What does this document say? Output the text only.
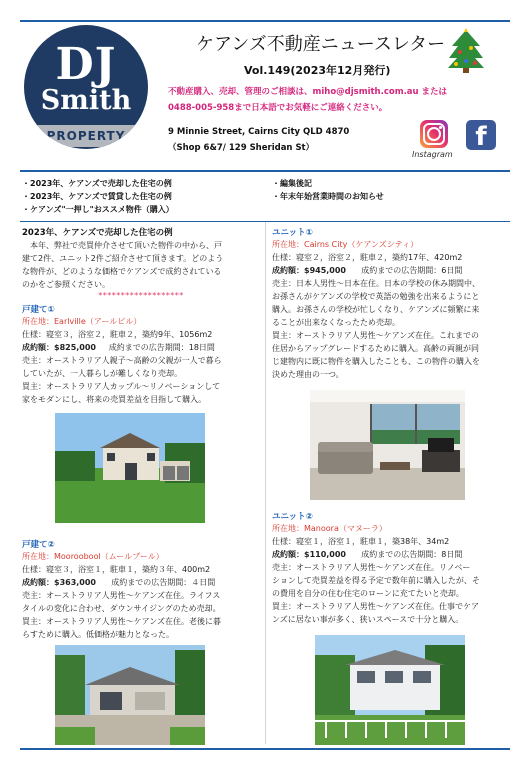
DJ
Smith
PROPERTY
ケアンズ不動産ニュースレター
Vol.149(2023年12月発行)
不動産購入、売却、管理のご相談は、miho@djsmith.com.au または
0488-005-958まで日本語でお気軽にご連絡ください。
9 Minnie Street, Cairns City QLD 4870
（Shop 6&7/ 129 Sheridan St）
Instagram
f
・2023年、ケアンズで売却した住宅の例
・2023年、ケアンズで賃貸した住宅の例
・ケアンズ"一押し"おススメ物件（購入）
・編集後記
・年末年始営業時間のお知らせ
2023年、ケアンズで売却した住宅の例
　本年、弊社で売買仲介させて頂いた物件の中から、戸
建て2件、ユニット2件ご紹介させて頂きます。どのよう
な物件が、どのような価格でケアンズで成約されている
のかをご参照ください。
*******************
戸建て①
所在地：Earlville（アールビル）
仕様：寝室３，浴室２，駐車２，築約9年、1056m2
成約額：$825,000 成約までの広告期間：18日間
売主：オーストラリア人親子～高齢の父親が一人で暮ら
していたが、一人暮らしが難しくなり売却。
買主：オーストラリア人カップル～リノベーションして
家をモダンにし、将来の売買差益を目指して購入。
戸建て②
所在地：Mooroobool（ムールブール）
仕様：寝室３，浴室１，駐車１，築約３年、400m2
成約額：$363,000 成約までの広告期間：４日間
売主：オーストラリア人男性～ケアンズ在住。ライフス
タイルの変化に合わせ、ダウンサイジングのため売却。
買主：オーストラリア人男性～ケアンズ在住。老後に暮
らすために購入。低価格が魅力となった。
ユニット①
所在地：Cairns City（ケアンズシティ）
仕様：寝室２，浴室２，駐車２，築約17年、420m2
成約額：$945,000 成約までの広告期間：6日間
売主：日本人男性～日本在住。日本の学校の休み期間中、
お孫さんがケアンズの学校で英語の勉強を出来るようにと
購入。お孫さんの学校が忙しくなり、ケアンズに頻繁に来
ることが出来なくなったため売却。
買主：オーストラリア人男性～ケアンズ在住。これまでの
住居からアップグレードするために購入。高齢の両親が同
じ建物内に既に物件を購入したことも、この物件の購入を
決めた理由の一つ。
ユニット②
所在地：Manoora（マヌーラ）
仕様：寝室１，浴室１，駐車１，築38年、34m2
成約額：$110,000 成約までの広告期間：8日間
売主：オーストラリア人男性～ケアンズ在住。リノベー
ションして売買差益を得る予定で数年前に購入したが、そ
の費用を自分の住む住宅のローンに充てたいと売却。
買主：オーストラリア人男性～ケアンズ在住。仕事でケア
ンズに居ない事が多く、狭いスペースで十分と購入。
